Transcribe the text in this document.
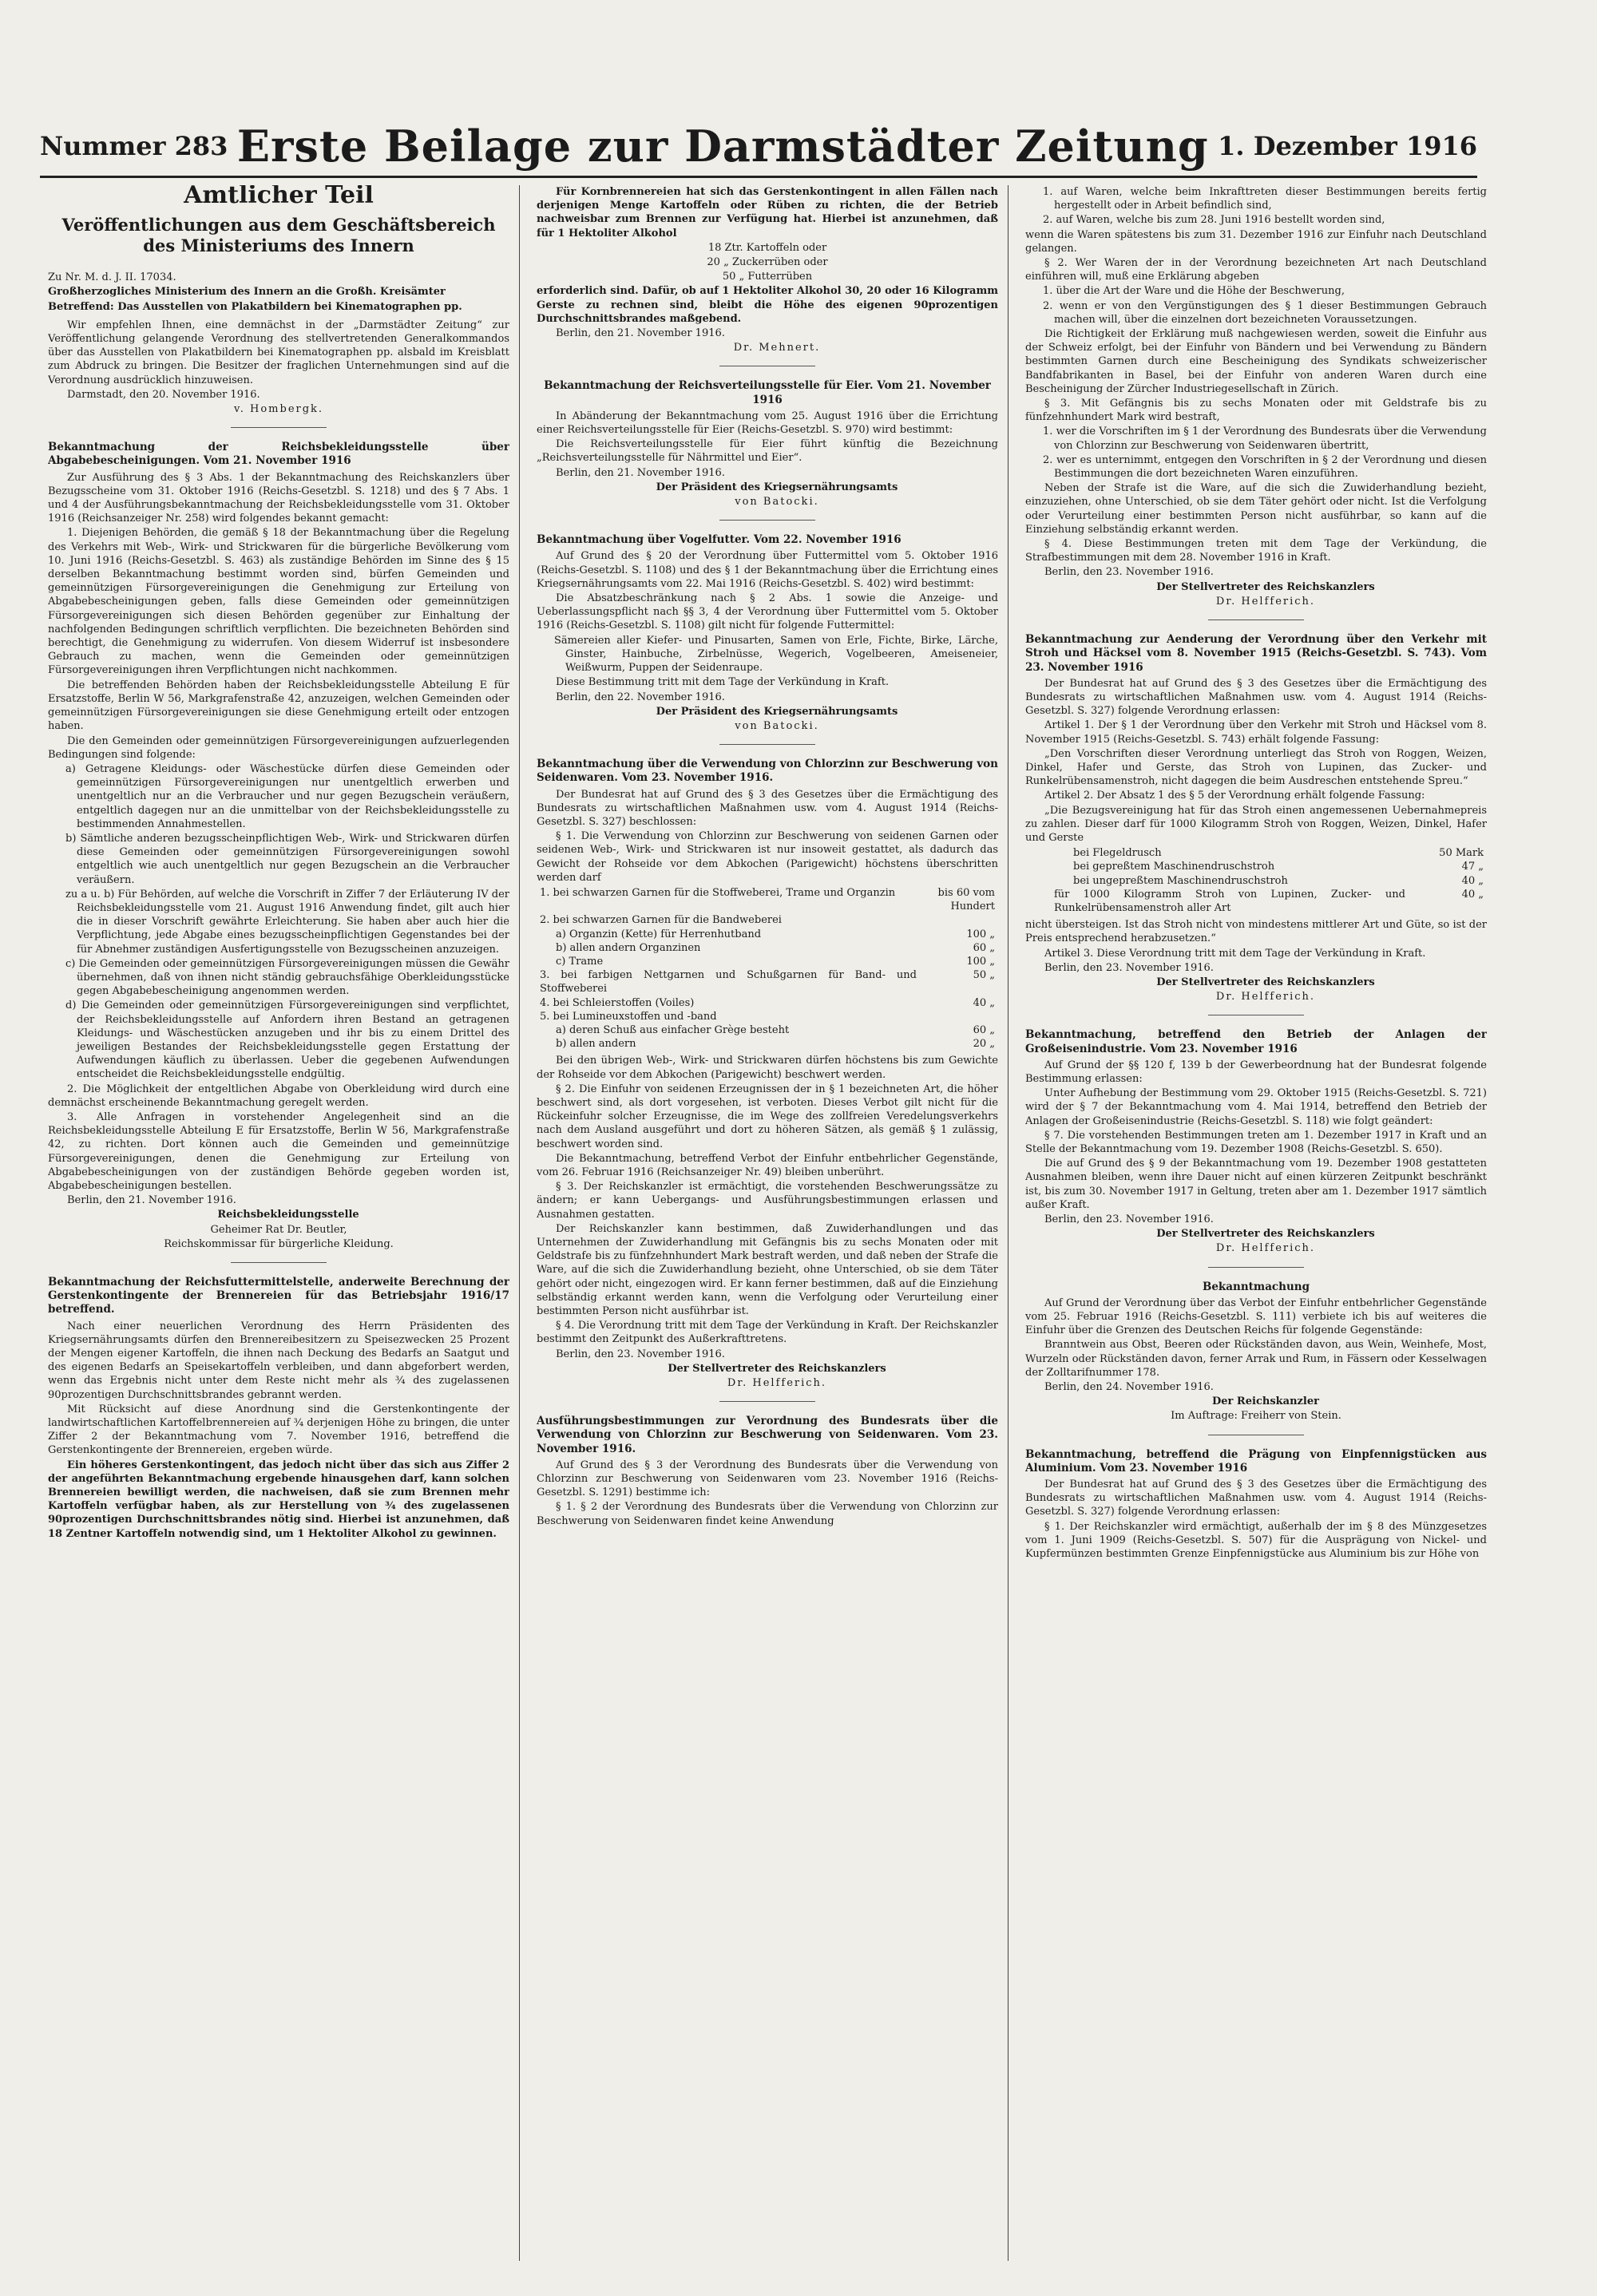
Nummer 283 Erste Beilage zur Darmstädter Zeitung 1. Dezember 1916
Amtlicher Teil
Veröffentlichungen aus dem Geschäftsbereich des Ministeriums des Innern

Zu Nr. M. d. J. II. 17034.

Großherzogliches Ministerium des Innern an die Großh. Kreisämter

Betreffend: Das Ausstellen von Plakatbildern bei Kinematographen pp.

Wir empfehlen Ihnen, eine demnächst in der „Darmstädter Zeitung“ zur Veröffentlichung gelangende Verordnung des stellvertretenden Generalkommandos über das Ausstellen von Plakatbildern bei Kinematographen pp. alsbald im Kreisblatt zum Abdruck zu bringen. Die Besitzer der fraglichen Unternehmungen sind auf die Verordnung ausdrücklich hinzuweisen.

Darmstadt, den 20. November 1916.

v. Hombergk.

Bekanntmachung der Reichsbekleidungsstelle über Abgabebescheinigungen. Vom 21. November 1916

Zur Ausführung des § 3 Abs. 1 der Bekanntmachung des Reichskanzlers über Bezugsscheine vom 31. Oktober 1916 (Reichs-Gesetzbl. S. 1218) und des § 7 Abs. 1 und 4 der Ausführungsbekanntmachung der Reichsbekleidungsstelle vom 31. Oktober 1916 (Reichsanzeiger Nr. 258) wird folgendes bekannt gemacht:

1. Diejenigen Behörden, die gemäß § 18 der Bekanntmachung über die Regelung des Verkehrs mit Web-, Wirk- und Strickwaren für die bürgerliche Bevölkerung vom 10. Juni 1916 (Reichs-Gesetzbl. S. 463) als zuständige Behörden im Sinne des § 15 derselben Bekanntmachung bestimmt worden sind, bürfen Gemeinden und gemeinnützigen Fürsorgevereinigungen die Genehmigung zur Erteilung von Abgabebescheinigungen geben, falls diese Gemeinden oder gemeinnützigen Fürsorgevereinigungen sich diesen Behörden gegenüber zur Einhaltung der nachfolgenden Bedingungen schriftlich verpflichten. Die bezeichneten Behörden sind berechtigt, die Genehmigung zu widerrufen. Von diesem Widerruf ist insbesondere Gebrauch zu machen, wenn die Gemeinden oder gemeinnützigen Fürsorgevereinigungen ihren Verpflichtungen nicht nachkommen.

Die betreffenden Behörden haben der Reichsbekleidungsstelle Abteilung E für Ersatzstoffe, Berlin W 56, Markgrafenstraße 42, anzuzeigen, welchen Gemeinden oder gemeinnützigen Fürsorgevereinigungen sie diese Genehmigung erteilt oder entzogen haben.

Die den Gemeinden oder gemeinnützigen Fürsorgevereinigungen aufzuerlegenden Bedingungen sind folgende:

a) Getragene Kleidungs- oder Wäschestücke dürfen diese Gemeinden oder gemeinnützigen Fürsorgevereinigungen nur unentgeltlich erwerben und unentgeltlich nur an die Verbraucher und nur gegen Bezugschein veräußern, entgeltlich dagegen nur an die unmittelbar von der Reichsbekleidungsstelle zu bestimmenden Annahmestellen.

b) Sämtliche anderen bezugsscheinpflichtigen Web-, Wirk- und Strickwaren dürfen diese Gemeinden oder gemeinnützigen Fürsorgevereinigungen sowohl entgeltlich wie auch unentgeltlich nur gegen Bezugschein an die Verbraucher veräußern.

zu a u. b) Für Behörden, auf welche die Vorschrift in Ziffer 7 der Erläuterung IV der Reichsbekleidungsstelle vom 21. August 1916 Anwendung findet, gilt auch hier die in dieser Vorschrift gewährte Erleichterung. Sie haben aber auch hier die Verpflichtung, jede Abgabe eines bezugsscheinpflichtigen Gegenstandes bei der für Abnehmer zuständigen Ausfertigungsstelle von Bezugsscheinen anzuzeigen.

c) Die Gemeinden oder gemeinnützigen Fürsorgevereinigungen müssen die Gewähr übernehmen, daß von ihnen nicht ständig gebrauchsfähige Oberkleidungsstücke gegen Abgabebescheinigung angenommen werden.

d) Die Gemeinden oder gemeinnützigen Fürsorgevereinigungen sind verpflichtet, der Reichsbekleidungsstelle auf Anfordern ihren Bestand an getragenen Kleidungs- und Wäschestücken anzugeben und ihr bis zu einem Drittel des jeweiligen Bestandes der Reichsbekleidungsstelle gegen Erstattung der Aufwendungen käuflich zu überlassen. Ueber die gegebenen Aufwendungen entscheidet die Reichsbekleidungsstelle endgültig.

2. Die Möglichkeit der entgeltlichen Abgabe von Oberkleidung wird durch eine demnächst erscheinende Bekanntmachung geregelt werden.

3. Alle Anfragen in vorstehender Angelegenheit sind an die Reichsbekleidungsstelle Abteilung E für Ersatzstoffe, Berlin W 56, Markgrafenstraße 42, zu richten. Dort können auch die Gemeinden und gemeinnützige Fürsorgevereinigungen, denen die Genehmigung zur Erteilung von Abgabebescheinigungen von der zuständigen Behörde gegeben worden ist, Abgabebescheinigungen bestellen.

Berlin, den 21. November 1916.

Reichsbekleidungsstelle

Geheimer Rat Dr. Beutler,

Reichskommissar für bürgerliche Kleidung.

Bekanntmachung der Reichsfuttermittelstelle, anderweite Berechnung der Gerstenkontingente der Brennereien für das Betriebsjahr 1916/17 betreffend.

Nach einer neuerlichen Verordnung des Herrn Präsidenten des Kriegsernährungsamts dürfen den Brennereibesitzern zu Speisezwecken 25 Prozent der Mengen eigener Kartoffeln, die ihnen nach Deckung des Bedarfs an Saatgut und des eigenen Bedarfs an Speisekartoffeln verbleiben, und dann abgeforbert werden, wenn das Ergebnis nicht unter dem Reste nicht mehr als ¾ des zugelassenen 90prozentigen Durchschnittsbrandes gebrannt werden.

Mit Rücksicht auf diese Anordnung sind die Gerstenkontingente der landwirtschaftlichen Kartoffelbrennereien auf ¾ derjenigen Höhe zu bringen, die unter Ziffer 2 der Bekanntmachung vom 7. November 1916, betreffend die Gerstenkontingente der Brennereien, ergeben würde.

Ein höheres Gerstenkontingent, das jedoch nicht über das sich aus Ziffer 2 der angeführten Bekanntmachung ergebende hinausgehen darf, kann solchen Brennereien bewilligt werden, die nachweisen, daß sie zum Brennen mehr Kartoffeln verfügbar haben, als zur Herstellung von ¾ des zugelassenen 90prozentigen Durchschnittsbrandes nötig sind. Hierbei ist anzunehmen, daß 18 Zentner Kartoffeln notwendig sind, um 1 Hektoliter Alkohol zu gewinnen.

Für Kornbrennereien hat sich das Gerstenkontingent in allen Fällen nach derjenigen Menge Kartoffeln oder Rüben zu richten, die der Betrieb nachweisbar zum Brennen zur Verfügung hat. Hierbei ist anzunehmen, daß für 1 Hektoliter Alkohol

18 Ztr. Kartoffeln oder

20 „ Zuckerrüben oder

50 „ Futterrüben

erforderlich sind. Dafür, ob auf 1 Hektoliter Alkohol 30, 20 oder 16 Kilogramm Gerste zu rechnen sind, bleibt die Höhe des eigenen 90prozentigen Durchschnittsbrandes maßgebend.

Berlin, den 21. November 1916.

Dr. Mehnert.

Bekanntmachung der Reichsverteilungsstelle für Eier. Vom 21. November 1916

In Abänderung der Bekanntmachung vom 25. August 1916 über die Errichtung einer Reichsverteilungsstelle für Eier (Reichs-Gesetzbl. S. 970) wird bestimmt:

Die Reichsverteilungsstelle für Eier führt künftig die Bezeichnung „Reichsverteilungsstelle für Nährmittel und Eier“.

Berlin, den 21. November 1916.

Der Präsident des Kriegsernährungsamts

von Batocki.

Bekanntmachung über Vogelfutter. Vom 22. November 1916

Auf Grund des § 20 der Verordnung über Futtermittel vom 5. Oktober 1916 (Reichs-Gesetzbl. S. 1108) und des § 1 der Bekanntmachung über die Errichtung eines Kriegsernährungsamts vom 22. Mai 1916 (Reichs-Gesetzbl. S. 402) wird bestimmt:

Die Absatzbeschränkung nach § 2 Abs. 1 sowie die Anzeige- und Ueberlassungspflicht nach §§ 3, 4 der Verordnung über Futtermittel vom 5. Oktober 1916 (Reichs-Gesetzbl. S. 1108) gilt nicht für folgende Futtermittel:

Sämereien aller Kiefer- und Pinusarten, Samen von Erle, Fichte, Birke, Lärche, Ginster, Hainbuche, Zirbelnüsse, Wegerich, Vogelbeeren, Ameiseneier, Weißwurm, Puppen der Seidenraupe.

Diese Bestimmung tritt mit dem Tage der Verkündung in Kraft.

Berlin, den 22. November 1916.

Der Präsident des Kriegsernährungsamts

von Batocki.

Bekanntmachung über die Verwendung von Chlorzinn zur Beschwerung von Seidenwaren. Vom 23. November 1916.

Der Bundesrat hat auf Grund des § 3 des Gesetzes über die Ermächtigung des Bundesrats zu wirtschaftlichen Maßnahmen usw. vom 4. August 1914 (Reichs-Gesetzbl. S. 327) beschlossen:

§ 1. Die Verwendung von Chlorzinn zur Beschwerung von seidenen Garnen oder seidenen Web-, Wirk- und Strickwaren ist nur insoweit gestattet, als dadurch das Gewicht der Rohseide vor dem Abkochen (Parigewicht) höchstens überschritten werden darf

1. bei schwarzen Garnen für die Stoffweberei, Trame und Organzin	bis 60 vom Hundert
2. bei schwarzen Garnen für die Bandweberei	
a) Organzin (Kette) für Herrenhutband	100 „
b) allen andern Organzinen	60 „
c) Trame	100 „
3. bei farbigen Nettgarnen und Schußgarnen für Band- und Stoffweberei	50 „
4. bei Schleierstoffen (Voiles)	40 „
5. bei Lumineuxstoffen und -band	
a) deren Schuß aus einfacher Grège besteht	60 „
b) allen andern	20 „

Bei den übrigen Web-, Wirk- und Strickwaren dürfen höchstens bis zum Gewichte der Rohseide vor dem Abkochen (Parigewicht) beschwert werden.

§ 2. Die Einfuhr von seidenen Erzeugnissen der in § 1 bezeichneten Art, die höher beschwert sind, als dort vorgesehen, ist verboten. Dieses Verbot gilt nicht für die Rückeinfuhr solcher Erzeugnisse, die im Wege des zollfreien Veredelungsverkehrs nach dem Ausland ausgeführt und dort zu höheren Sätzen, als gemäß § 1 zulässig, beschwert worden sind.

Die Bekanntmachung, betreffend Verbot der Einfuhr entbehrlicher Gegenstände, vom 26. Februar 1916 (Reichsanzeiger Nr. 49) bleiben unberührt.

§ 3. Der Reichskanzler ist ermächtigt, die vorstehenden Beschwerungssätze zu ändern; er kann Uebergangs- und Ausführungsbestimmungen erlassen und Ausnahmen gestatten.

Der Reichskanzler kann bestimmen, daß Zuwiderhandlungen und das Unternehmen der Zuwiderhandlung mit Gefängnis bis zu sechs Monaten oder mit Geldstrafe bis zu fünfzehnhundert Mark bestraft werden, und daß neben der Strafe die Ware, auf die sich die Zuwiderhandlung bezieht, ohne Unterschied, ob sie dem Täter gehört oder nicht, eingezogen wird. Er kann ferner bestimmen, daß auf die Einziehung selbständig erkannt werden kann, wenn die Verfolgung oder Verurteilung einer bestimmten Person nicht ausführbar ist.

§ 4. Die Verordnung tritt mit dem Tage der Verkündung in Kraft. Der Reichskanzler bestimmt den Zeitpunkt des Außerkrafttretens.

Berlin, den 23. November 1916.

Der Stellvertreter des Reichskanzlers

Dr. Helfferich.

Ausführungsbestimmungen zur Verordnung des Bundesrats über die Verwendung von Chlorzinn zur Beschwerung von Seidenwaren. Vom 23. November 1916.

Auf Grund des § 3 der Verordnung des Bundesrats über die Verwendung von Chlorzinn zur Beschwerung von Seidenwaren vom 23. November 1916 (Reichs-Gesetzbl. S. 1291) bestimme ich:

§ 1. § 2 der Verordnung des Bundesrats über die Verwendung von Chlorzinn zur Beschwerung von Seidenwaren findet keine Anwendung

1. auf Waren, welche beim Inkrafttreten dieser Bestimmungen bereits fertig hergestellt oder in Arbeit befindlich sind,

2. auf Waren, welche bis zum 28. Juni 1916 bestellt worden sind,

wenn die Waren spätestens bis zum 31. Dezember 1916 zur Einfuhr nach Deutschland gelangen.

§ 2. Wer Waren der in der Verordnung bezeichneten Art nach Deutschland einführen will, muß eine Erklärung abgeben

1. über die Art der Ware und die Höhe der Beschwerung,

2. wenn er von den Vergünstigungen des § 1 dieser Bestimmungen Gebrauch machen will, über die einzelnen dort bezeichneten Voraussetzungen.

Die Richtigkeit der Erklärung muß nachgewiesen werden, soweit die Einfuhr aus der Schweiz erfolgt, bei der Einfuhr von Bändern und bei Verwendung zu Bändern bestimmten Garnen durch eine Bescheinigung des Syndikats schweizerischer Bandfabrikanten in Basel, bei der Einfuhr von anderen Waren durch eine Bescheinigung der Zürcher Industriegesellschaft in Zürich.

§ 3. Mit Gefängnis bis zu sechs Monaten oder mit Geldstrafe bis zu fünfzehnhundert Mark wird bestraft,

1. wer die Vorschriften im § 1 der Verordnung des Bundesrats über die Verwendung von Chlorzinn zur Beschwerung von Seidenwaren übertritt,

2. wer es unternimmt, entgegen den Vorschriften in § 2 der Verordnung und diesen Bestimmungen die dort bezeichneten Waren einzuführen.

Neben der Strafe ist die Ware, auf die sich die Zuwiderhandlung bezieht, einzuziehen, ohne Unterschied, ob sie dem Täter gehört oder nicht. Ist die Verfolgung oder Verurteilung einer bestimmten Person nicht ausführbar, so kann auf die Einziehung selbständig erkannt werden.

§ 4. Diese Bestimmungen treten mit dem Tage der Verkündung, die Strafbestimmungen mit dem 28. November 1916 in Kraft.

Berlin, den 23. November 1916.

Der Stellvertreter des Reichskanzlers

Dr. Helfferich.

Bekanntmachung zur Aenderung der Verordnung über den Verkehr mit Stroh und Häcksel vom 8. November 1915 (Reichs-Gesetzbl. S. 743). Vom 23. November 1916

Der Bundesrat hat auf Grund des § 3 des Gesetzes über die Ermächtigung des Bundesrats zu wirtschaftlichen Maßnahmen usw. vom 4. August 1914 (Reichs-Gesetzbl. S. 327) folgende Verordnung erlassen:

Artikel 1. Der § 1 der Verordnung über den Verkehr mit Stroh und Häcksel vom 8. November 1915 (Reichs-Gesetzbl. S. 743) erhält folgende Fassung:

„Den Vorschriften dieser Verordnung unterliegt das Stroh von Roggen, Weizen, Dinkel, Hafer und Gerste, das Stroh von Lupinen, das Zucker- und Runkelrübensamenstroh, nicht dagegen die beim Ausdreschen entstehende Spreu.“

Artikel 2. Der Absatz 1 des § 5 der Verordnung erhält folgende Fassung:

„Die Bezugsvereinigung hat für das Stroh einen angemessenen Uebernahmepreis zu zahlen. Dieser darf für 1000 Kilogramm Stroh von Roggen, Weizen, Dinkel, Hafer und Gerste

bei Flegeldrusch	50 Mark
bei gepreßtem Maschinendruschstroh	47 „
bei ungepreßtem Maschinendruschstroh	40 „
für 1000 Kilogramm Stroh von Lupinen, Zucker- und Runkelrübensamenstroh aller Art	40 „

nicht übersteigen. Ist das Stroh nicht von mindestens mittlerer Art und Güte, so ist der Preis entsprechend herabzusetzen.“

Artikel 3. Diese Verordnung tritt mit dem Tage der Verkündung in Kraft.

Berlin, den 23. November 1916.

Der Stellvertreter des Reichskanzlers

Dr. Helfferich.

Bekanntmachung, betreffend den Betrieb der Anlagen der Großeisenindustrie. Vom 23. November 1916

Auf Grund der §§ 120 f, 139 b der Gewerbeordnung hat der Bundesrat folgende Bestimmung erlassen:

Unter Aufhebung der Bestimmung vom 29. Oktober 1915 (Reichs-Gesetzbl. S. 721) wird der § 7 der Bekanntmachung vom 4. Mai 1914, betreffend den Betrieb der Anlagen der Großeisenindustrie (Reichs-Gesetzbl. S. 118) wie folgt geändert:

§ 7. Die vorstehenden Bestimmungen treten am 1. Dezember 1917 in Kraft und an Stelle der Bekanntmachung vom 19. Dezember 1908 (Reichs-Gesetzbl. S. 650).

Die auf Grund des § 9 der Bekanntmachung vom 19. Dezember 1908 gestatteten Ausnahmen bleiben, wenn ihre Dauer nicht auf einen kürzeren Zeitpunkt beschränkt ist, bis zum 30. November 1917 in Geltung, treten aber am 1. Dezember 1917 sämtlich außer Kraft.

Berlin, den 23. November 1916.

Der Stellvertreter des Reichskanzlers

Dr. Helfferich.

Bekanntmachung

Auf Grund der Verordnung über das Verbot der Einfuhr entbehrlicher Gegenstände vom 25. Februar 1916 (Reichs-Gesetzbl. S. 111) verbiete ich bis auf weiteres die Einfuhr über die Grenzen des Deutschen Reichs für folgende Gegenstände:

Branntwein aus Obst, Beeren oder Rückständen davon, aus Wein, Weinhefe, Most, Wurzeln oder Rückständen davon, ferner Arrak und Rum, in Fässern oder Kesselwagen der Zolltarifnummer 178.

Berlin, den 24. November 1916.

Der Reichskanzler

Im Auftrage: Freiherr von Stein.

Bekanntmachung, betreffend die Prägung von Einpfennigstücken aus Aluminium. Vom 23. November 1916

Der Bundesrat hat auf Grund des § 3 des Gesetzes über die Ermächtigung des Bundesrats zu wirtschaftlichen Maßnahmen usw. vom 4. August 1914 (Reichs-Gesetzbl. S. 327) folgende Verordnung erlassen:

§ 1. Der Reichskanzler wird ermächtigt, außerhalb der im § 8 des Münzgesetzes vom 1. Juni 1909 (Reichs-Gesetzbl. S. 507) für die Ausprägung von Nickel- und Kupfermünzen bestimmten Grenze Einpfennigstücke aus Aluminium bis zur Höhe von
